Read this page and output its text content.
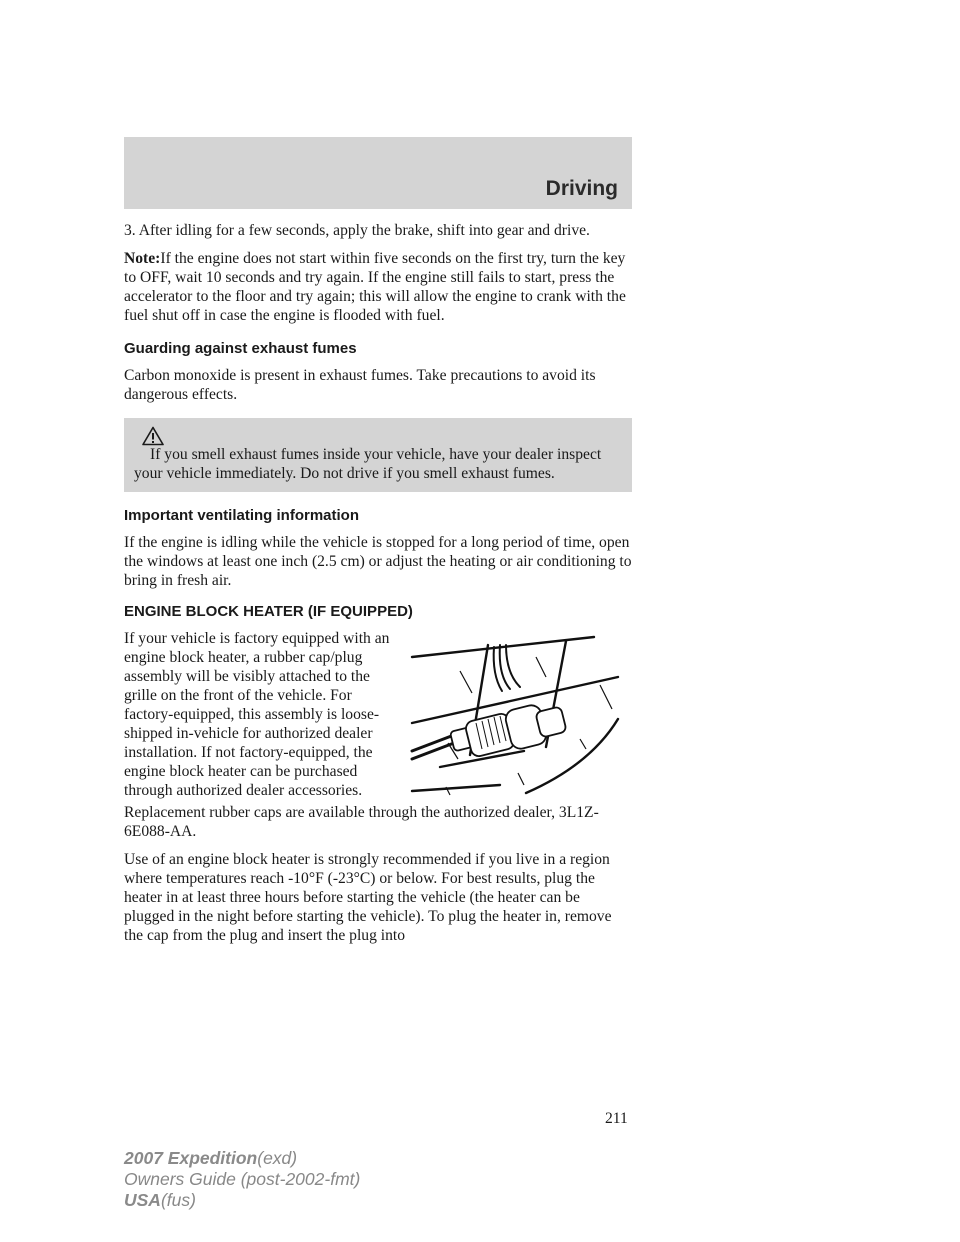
Driving

3. After idling for a few seconds, apply the brake, shift into gear and drive.

Note:If the engine does not start within five seconds on the first try, turn the key to OFF, wait 10 seconds and try again. If the engine still fails to start, press the accelerator to the floor and try again; this will allow the engine to crank with the fuel shut off in case the engine is flooded with fuel.

Guarding against exhaust fumes

Carbon monoxide is present in exhaust fumes. Take precautions to avoid its dangerous effects.

If you smell exhaust fumes inside your vehicle, have your dealer inspect your vehicle immediately. Do not drive if you smell exhaust fumes.
Important ventilating information

If the engine is idling while the vehicle is stopped for a long period of time, open the windows at least one inch (2.5 cm) or adjust the heating or air conditioning to bring in fresh air.

ENGINE BLOCK HEATER (IF EQUIPPED)

If your vehicle is factory equipped with an engine block heater, a rubber cap/plug assembly will be visibly attached to the grille on the front of the vehicle. For factory-equipped, this assembly is loose-shipped in-vehicle for authorized dealer installation. If not factory-equipped, the engine block heater can be purchased through authorized dealer accessories.

Replacement rubber caps are available through the authorized dealer, 3L1Z-6E088-AA.

Use of an engine block heater is strongly recommended if you live in a region where temperatures reach -10°F (-23°C) or below. For best results, plug the heater in at least three hours before starting the vehicle (the heater can be plugged in the night before starting the vehicle). To plug the heater in, remove the cap from the plug and insert the plug into

211
2007 Expedition(exd)
Owners Guide (post-2002-fmt)
USA(fus)
